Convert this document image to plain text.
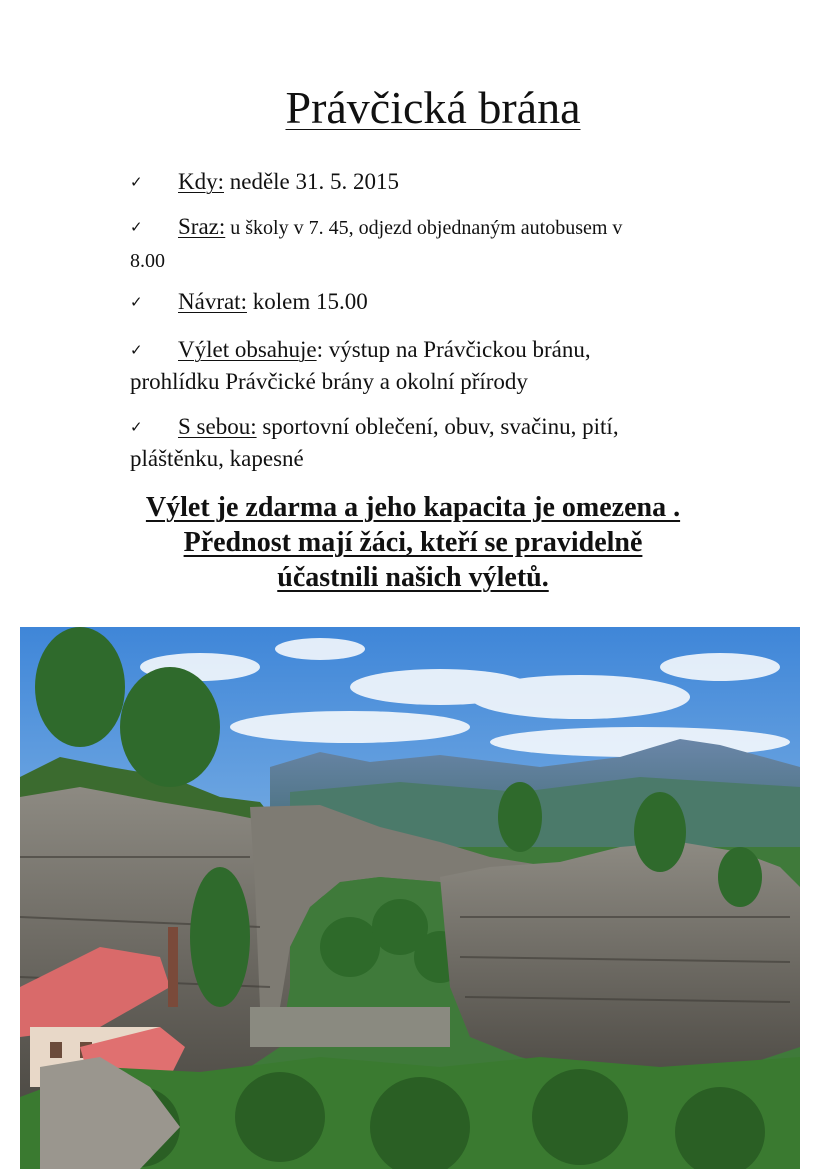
Právčická brána
✓ Kdy: neděle 31. 5. 2015
✓ Sraz: u školy v 7. 45, odjezd objednaným autobusem v
8.00
✓ Návrat: kolem 15.00
✓ Výlet obsahuje: výstup na Právčickou bránu,
prohlídku Právčické brány a okolní přírody
✓ S sebou: sportovní oblečení, obuv, svačinu, pití,
pláštěnku, kapesné
Výlet je zdarma a jeho kapacita je omezena .
Přednost mají žáci, kteří se pravidelně
účastnili našich výletů.
